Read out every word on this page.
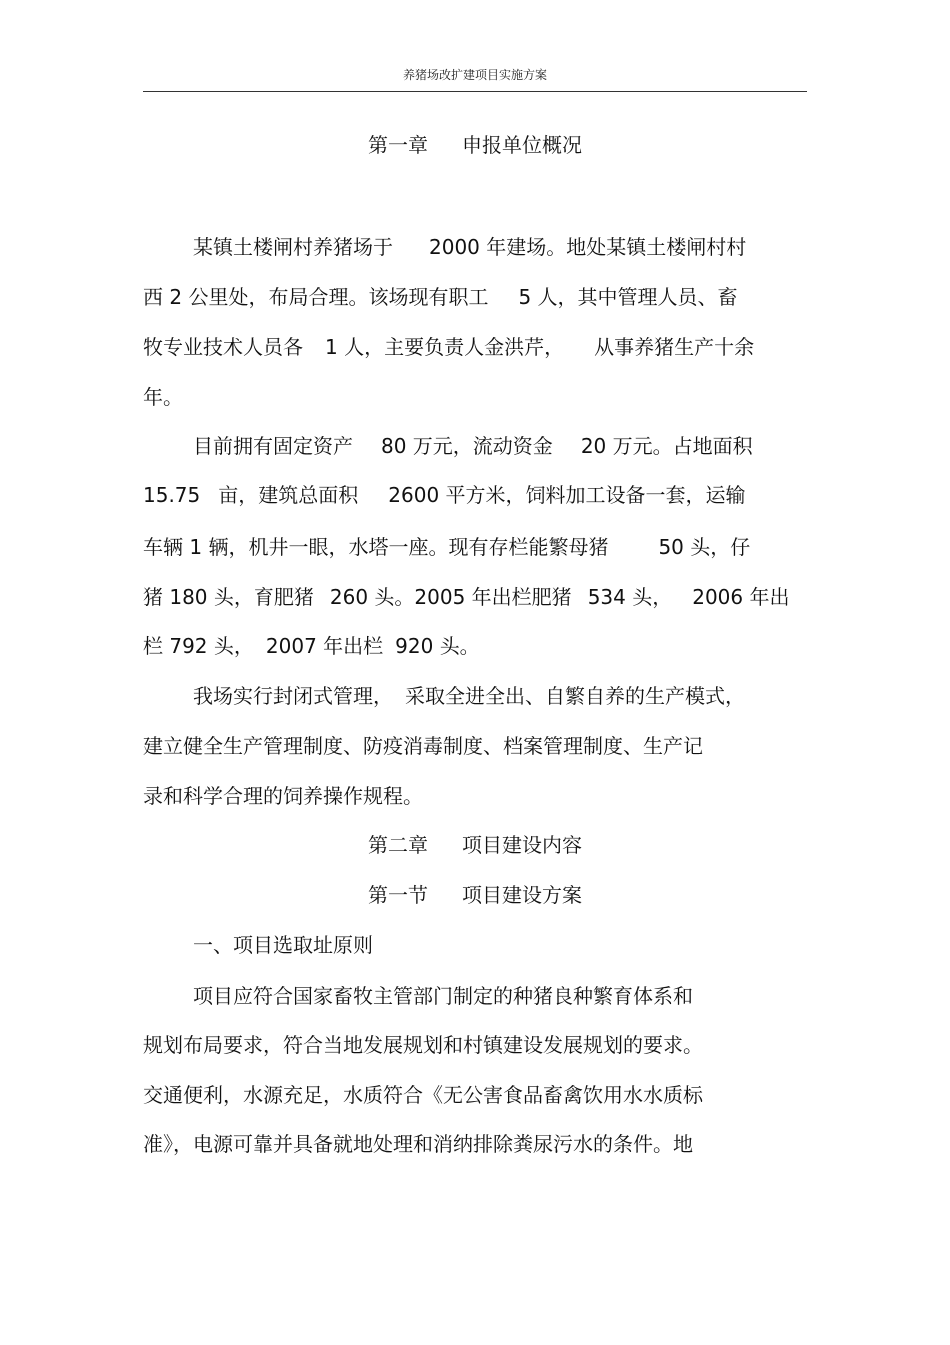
养猪场改扩建项目实施方案
第一章 申报单位概况
某镇土楼闸村养猪场于 2000 年建场。地处某镇土楼闸村村
西 2 公里处，布局合理。该场现有职工 5 人，其中管理人员、畜
牧专业技术人员各 1 人，主要负责人金洪芹， 从事养猪生产十余
年。
目前拥有固定资产 80 万元，流动资金 20 万元。占地面积
15.75 亩，建筑总面积 2600 平方米，饲料加工设备一套，运输
车辆 1 辆，机井一眼，水塔一座。现有存栏能繁母猪	50 头，仔
猪 180 头，育肥猪 260 头。2005 年出栏肥猪 534 头， 2006 年出
栏 792 头， 2007 年出栏 920 头。
我场实行封闭式管理， 采取全进全出、自繁自养的生产模式，
建立健全生产管理制度、防疫消毒制度、档案管理制度、生产记
录和科学合理的饲养操作规程。
第二章 项目建设内容
第一节 项目建设方案
一、项目选取址原则
项目应符合国家畜牧主管部门制定的种猪良种繁育体系和
规划布局要求，符合当地发展规划和村镇建设发展规划的要求。
交通便利，水源充足，水质符合《无公害食品畜禽饮用水水质标
准》，电源可靠并具备就地处理和消纳排除粪尿污水的条件。地
